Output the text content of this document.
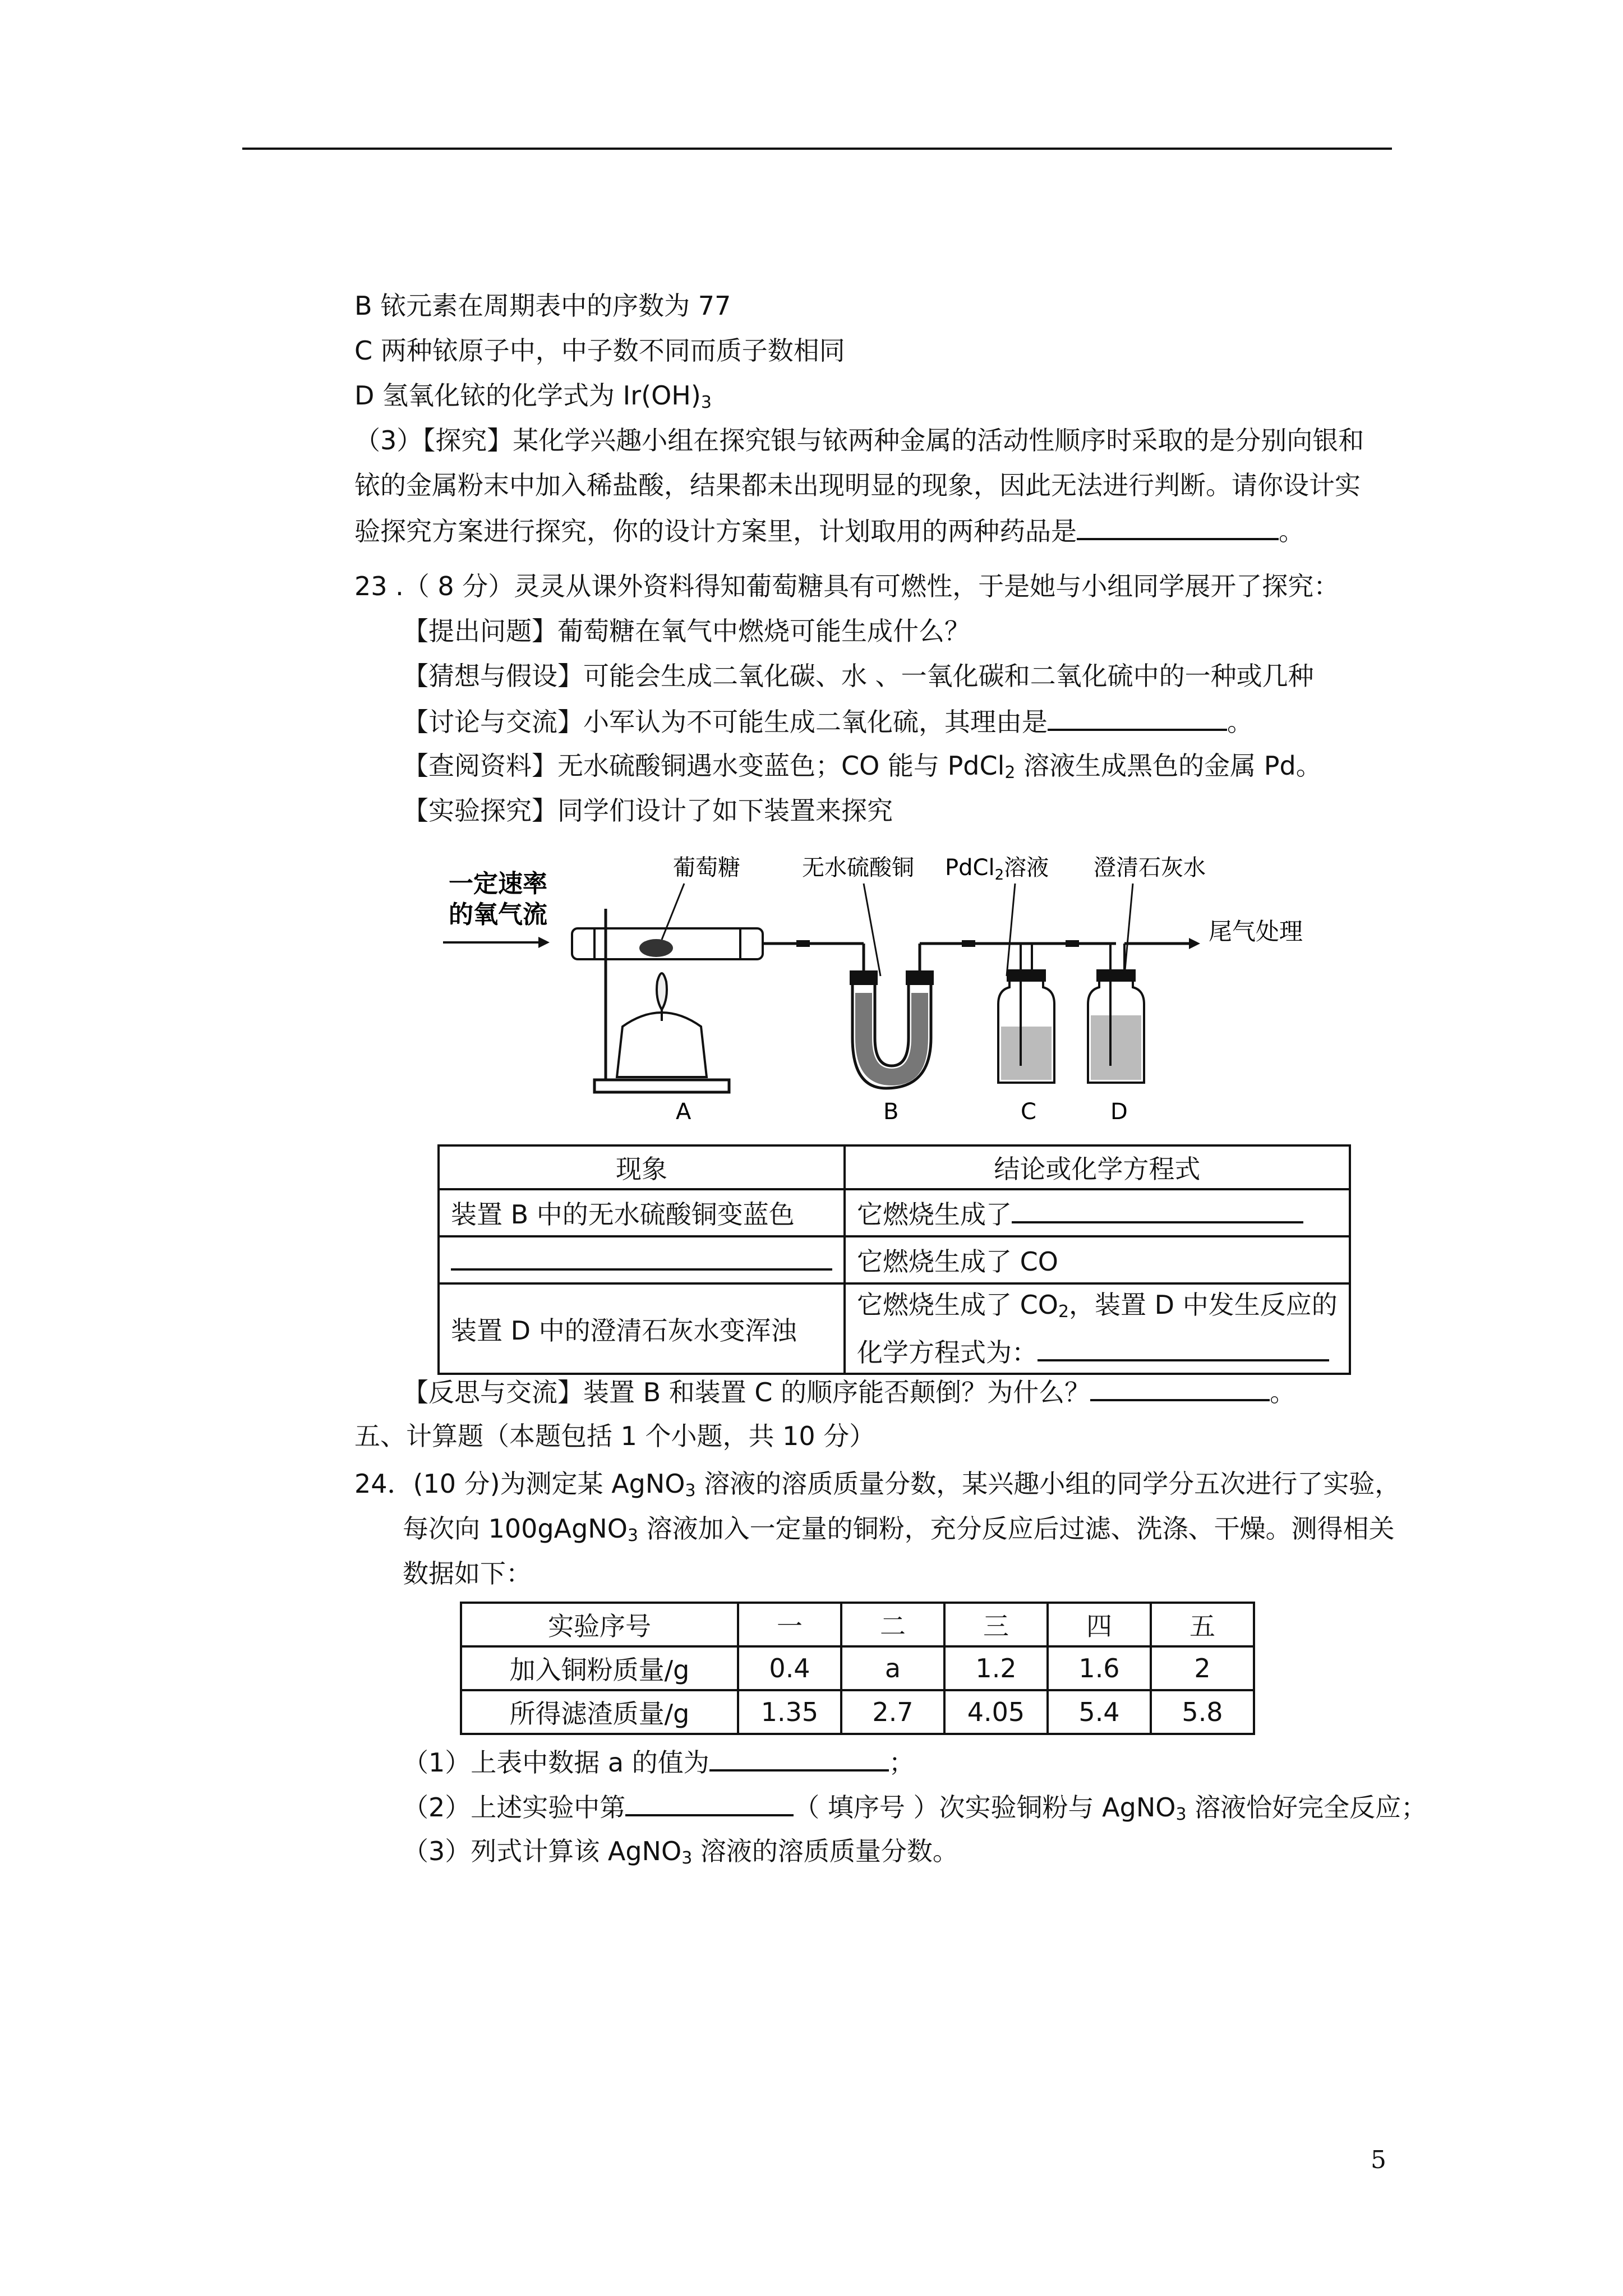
B 铱元素在周期表中的序数为 77
C 两种铱原子中，中子数不同而质子数相同
D 氢氧化铱的化学式为 $Ir(OH)_3$
（3）【探究】某化学兴趣小组在探究银与铱两种金属的活动性顺序时采取的是分别向银和
铱的金属粉末中加入稀盐酸，结果都未出现明显的现象，因此无法进行判断。请你设计实
验探究方案进行探究，你的设计方案里，计划取用的两种药品是	。
23 .（ 8 分）灵灵从课外资料得知葡萄糖具有可燃性，于是她与小组同学展开了探究：
【提出问题】葡萄糖在氧气中燃烧可能生成什么？
【猜想与假设】可能会生成二氧化碳、水 、一氧化碳和二氧化硫中的一种或几种
【讨论与交流】小军认为不可能生成二氧化硫，其理由是	。
【查阅资料】无水硫酸铜遇水变蓝色；CO 能与 PdCl$_2$ 溶液生成黑色的金属 Pd。
【实验探究】同学们设计了如下装置来探究
一定速率
的氧气流
葡萄糖	无水硫酸铜 PdCl$_2$溶液 澄清石灰水
尾气处理
A	B	C	D
现象	结论或化学方程式
装置 B 中的无水硫酸铜变蓝色	它燃烧生成了
	它燃烧生成了 CO
装置 D 中的澄清石灰水变浑浊	它燃烧生成了 $CO_2$，装置 D 中发生反应的
化学方程式为：
【反思与交流】装置 B 和装置 C 的顺序能否颠倒？为什么？	。
五、计算题（本题包括 1 个小题，共 10 分）
24．(10 分)为测定某 AgNO$_3$ 溶液的溶质质量分数，某兴趣小组的同学分五次进行了实验，
每次向 100gAgNO$_3$ 溶液加入一定量的铜粉，充分反应后过滤、洗涤、干燥。测得相关
数据如下：
实验序号	一	二	三	四	五
加入铜粉质量/g	0.4	a	1.2	1.6	2
所得滤渣质量/g	1.35	2.7	4.05	5.4	5.8
（1）上表中数据 a 的值为	；
（2）上述实验中第	（ 填序号 ）次实验铜粉与 AgNO$_3$ 溶液恰好完全反应；
（3）列式计算该 AgNO$_3$ 溶液的溶质质量分数。
5
